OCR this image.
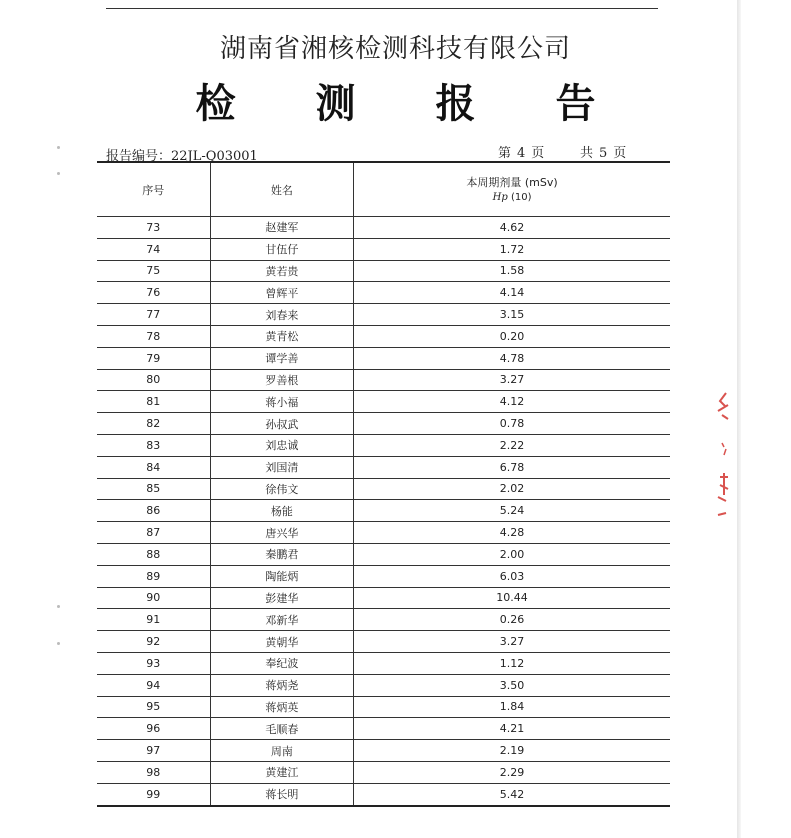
湖南省湘核检测科技有限公司
检 测 报 告
报告编号：22JL-Q03001	第 4 页	共 5 页
序号	姓名	本周期剂量 (mSv)
Hp (10)

73	赵建军	4.62
74	甘伍仔	1.72
75	黄若贵	1.58
76	曾辉平	4.14
77	刘春来	3.15
78	黄青松	0.20
79	谭学善	4.78
80	罗善根	3.27
81	蒋小福	4.12
82	孙叔武	0.78
83	刘忠诚	2.22
84	刘国清	6.78
85	徐伟文	2.02
86	杨能	5.24
87	唐兴华	4.28
88	秦鹏君	2.00
89	陶能炳	6.03
90	彭建华	10.44
91	邓新华	0.26
92	黄朝华	3.27
93	奉纪波	1.12
94	蒋炳尧	3.50
95	蒋炳英	1.84
96	毛顺春	4.21
97	周南	2.19
98	黄建江	2.29
99	蒋长明	5.42
